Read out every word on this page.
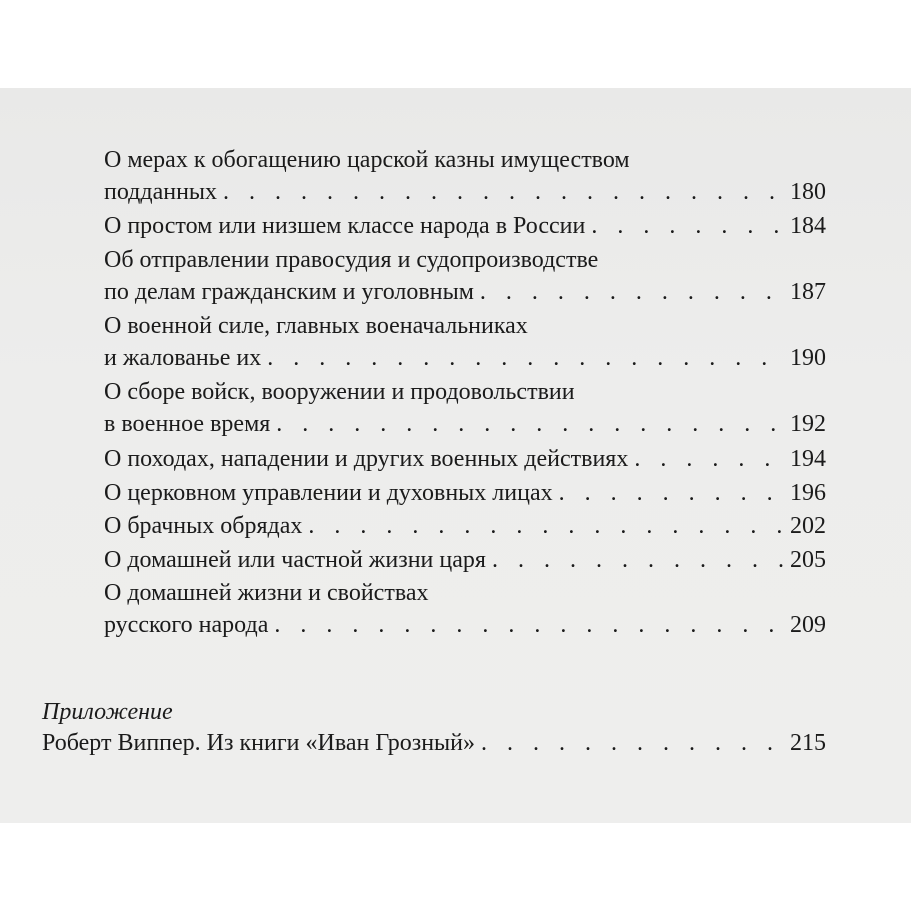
О мерах к обогащению царской казны имуществом
подданных . . .	180
О простом или низшем классе народа в России . . .	184
Об отправлении правосудия и судопроизводстве
по делам гражданским и уголовным . . .	187
О военной силе, главных военачальниках
и жалованье их . . .	190
О сборе войск, вооружении и продовольствии
в военное время . . .	192
О походах, нападении и других военных действиях . . .	194
О церковном управлении и духовных лицах . . .	196
О брачных обрядах . . .	202
О домашней или частной жизни царя . . .	205
О домашней жизни и свойствах
русского народа . . .	209
Приложение
Роберт Виппер. Из книги «Иван Грозный» . . .	215
